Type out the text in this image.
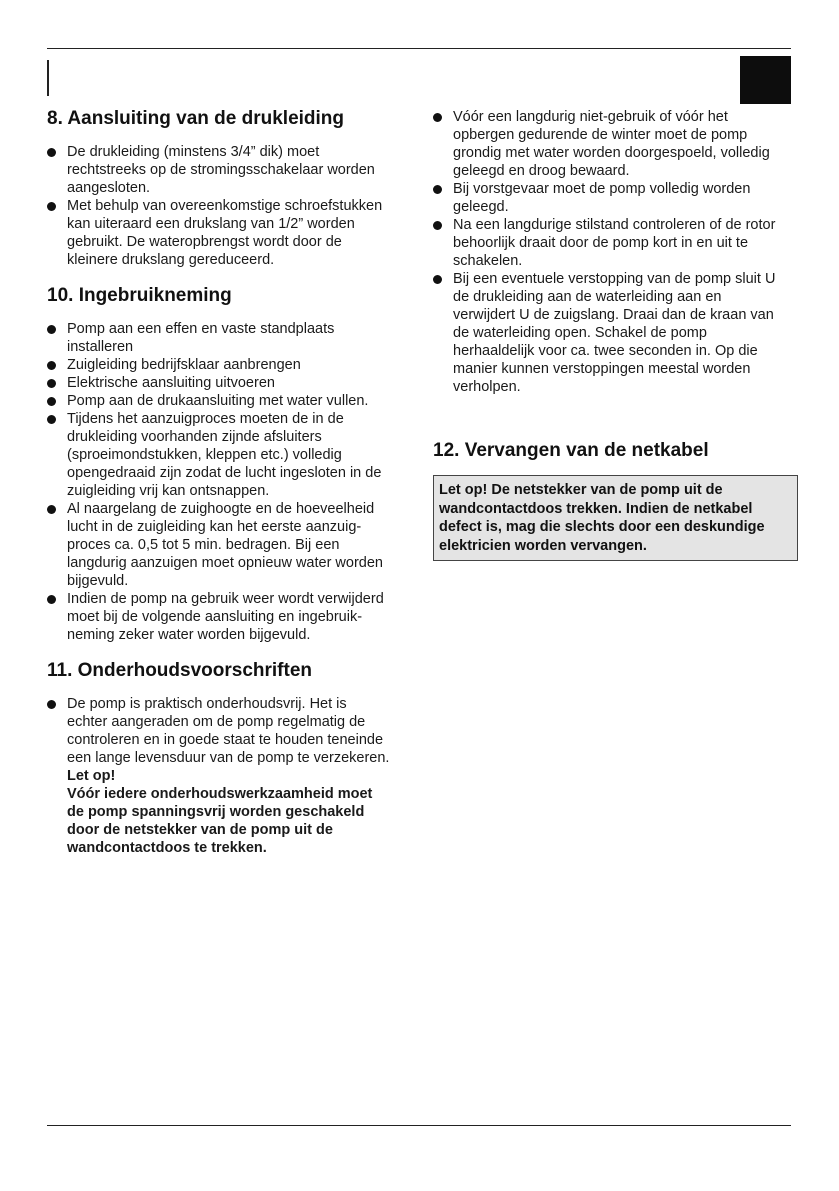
8. Aansluiting van de drukleiding
De drukleiding (minstens 3/4” dik) moet
rechtstreeks op de stromingsschakelaar worden
aangesloten.
Met behulp van overeenkomstige schroefstukken
kan uiteraard een drukslang van 1/2” worden
gebruikt. De wateropbrengst wordt door de
kleinere drukslang gereduceerd.
10. Ingebruikneming
Pomp aan een effen en vaste standplaats
installeren
Zuigleiding bedrijfsklaar aanbrengen
Elektrische aansluiting uitvoeren
Pomp aan de drukaansluiting met water vullen.
Tijdens het aanzuigproces moeten de in de
drukleiding voorhanden zijnde afsluiters
(sproeimondstukken, kleppen etc.) volledig
opengedraaid zijn zodat de lucht ingesloten in de
zuigleiding vrij kan ontsnappen.
Al naargelang de zuighoogte en de hoeveelheid
lucht in de zuigleiding kan het eerste aanzuig-
proces ca. 0,5 tot 5 min. bedragen. Bij een
langdurig aanzuigen moet opnieuw water worden
bijgevuld.
Indien de pomp na gebruik weer wordt verwijderd
moet bij de volgende aansluiting en ingebruik-
neming zeker water worden bijgevuld.
11. Onderhoudsvoorschriften
De pomp is praktisch onderhoudsvrij. Het is
echter aangeraden om de pomp regelmatig de
controleren en in goede staat te houden teneinde
een lange levensduur van de pomp te verzekeren.
Let op!
Vóór iedere onderhoudswerkzaamheid moet
de pomp spanningsvrij worden geschakeld
door de netstekker van de pomp uit de
wandcontactdoos te trekken.
Vóór een langdurig niet-gebruik of vóór het
opbergen gedurende de winter moet de pomp
grondig met water worden doorgespoeld, volledig
geleegd en droog bewaard.
Bij vorstgevaar moet de pomp volledig worden
geleegd.
Na een langdurige stilstand controleren of de rotor
behoorlijk draait door de pomp kort in en uit te
schakelen.
Bij een eventuele verstopping van de pomp sluit U
de drukleiding aan de waterleiding aan en
verwijdert U de zuigslang. Draai dan de kraan van
de waterleiding open. Schakel de pomp
herhaaldelijk voor ca. twee seconden in. Op die
manier kunnen verstoppingen meestal worden
verholpen.
12. Vervangen van de netkabel
Let op! De netstekker van de pomp uit de
wandcontactdoos trekken. Indien de netkabel
defect is, mag die slechts door een deskundige
elektricien worden vervangen.
